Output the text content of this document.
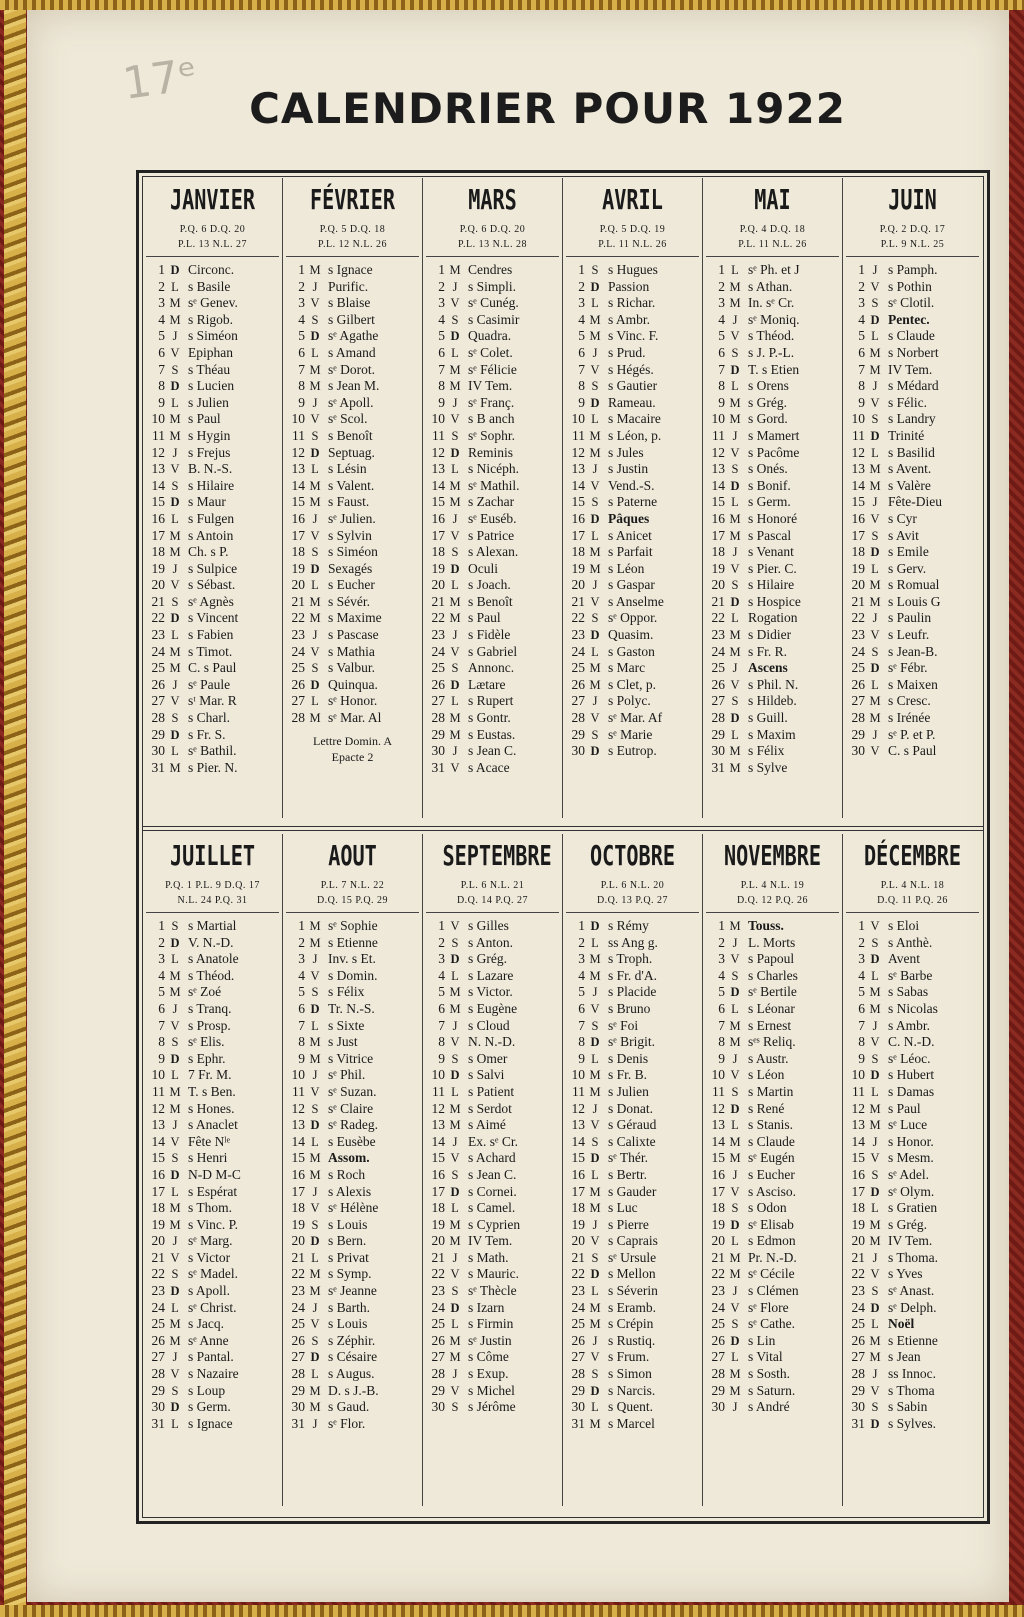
17ᵉ	CALENDRIER POUR 1922
JANVIER
P.Q. 6 D.Q. 20
P.L. 13 N.L. 27
1 D Circonc.
2 L s Basile
3 M sᵉ Genev.
4 M s Rigob.
5 J s Siméon
6 V Epiphan
7 S s Théau
8 D s Lucien
9 L s Julien
10 M s Paul
11 M s Hygin
12 J s Frejus
13 V B. N.-S.
14 S s Hilaire
15 D s Maur
16 L s Fulgen
17 M s Antoin
18 M Ch. s P.
19 J s Sulpice
20 V s Sébast.
21 S sᵉ Agnès
22 D s Vincent
23 L s Fabien
24 M s Timot.
25 M C. s Paul
26 J sᵉ Paule
27 V sᵗ Mar. R
28 S s Charl.
29 D s Fr. S.
30 L sᵉ Bathil.
31 M s Pier. N.
FÉVRIER
P.Q. 5 D.Q. 18
P.L. 12 N.L. 26
1 M s Ignace
2 J Purific.
3 V s Blaise
4 S s Gilbert
5 D sᵉ Agathe
6 L s Amand
7 M sᵉ Dorot.
8 M s Jean M.
9 J sᵉ Apoll.
10 V sᵉ Scol.
11 S s Benoît
12 D Septuag.
13 L s Lésin
14 M s Valent.
15 M s Faust.
16 J sᵉ Julien.
17 V s Sylvin
18 S s Siméon
19 D Sexagés
20 L s Eucher
21 M s Sévér.
22 M s Maxime
23 J s Pascase
24 V s Mathia
25 S s Valbur.
26 D Quinqua.
27 L sᵉ Honor.
28 M sᵉ Mar. Al
Lettre Domin. A
Epacte 2
MARS
P.Q. 6 D.Q. 20
P.L. 13 N.L. 28
1 M Cendres
2 J s Simpli.
3 V sᵉ Cunég.
4 S s Casimir
5 D Quadra.
6 L sᵉ Colet.
7 M sᵉ Félicie
8 M IV Tem.
9 J sᵉ Franç.
10 V s B anch
11 S sᵉ Sophr.
12 D Reminis
13 L s Nicéph.
14 M sᵉ Mathil.
15 M s Zachar
16 J sᵉ Euséb.
17 V s Patrice
18 S s Alexan.
19 D Oculi
20 L s Joach.
21 M s Benoît
22 M s Paul
23 J s Fidèle
24 V s Gabriel
25 S Annonc.
26 D Lætare
27 L s Rupert
28 M s Gontr.
29 M s Eustas.
30 J s Jean C.
31 V s Acace
AVRIL
P.Q. 5 D.Q. 19
P.L. 11 N.L. 26
1 S s Hugues
2 D Passion
3 L s Richar.
4 M s Ambr.
5 M s Vinc. F.
6 J s Prud.
7 V s Hégés.
8 S s Gautier
9 D Rameau.
10 L s Macaire
11 M s Léon, p.
12 M s Jules
13 J s Justin
14 V Vend.-S.
15 S s Paterne
16 D Pâques
17 L s Anicet
18 M s Parfait
19 M s Léon
20 J s Gaspar
21 V s Anselme
22 S sᵉ Oppor.
23 D Quasim.
24 L s Gaston
25 M s Marc
26 M s Clet, p.
27 J s Polyc.
28 V sᵉ Mar. Af
29 S sᵉ Marie
30 D s Eutrop.
MAI
P.Q. 4 D.Q. 18
P.L. 11 N.L. 26
1 L sᵉ Ph. et J
2 M s Athan.
3 M In. sᵉ Cr.
4 J sᵉ Moniq.
5 V s Théod.
6 S s J. P.-L.
7 D T. s Etien
8 L s Orens
9 M s Grég.
10 M s Gord.
11 J s Mamert
12 V s Pacôme
13 S s Onés.
14 D s Bonif.
15 L s Germ.
16 M s Honoré
17 M s Pascal
18 J s Venant
19 V s Pier. C.
20 S s Hilaire
21 D s Hospice
22 L Rogation
23 M s Didier
24 M s Fr. R.
25 J Ascens
26 V s Phil. N.
27 S s Hildeb.
28 D s Guill.
29 L s Maxim
30 M s Félix
31 M s Sylve
JUIN
P.Q. 2 D.Q. 17
P.L. 9 N.L. 25
1 J s Pamph.
2 V s Pothin
3 S sᵉ Clotil.
4 D Pentec.
5 L s Claude
6 M s Norbert
7 M IV Tem.
8 J s Médard
9 V s Félic.
10 S s Landry
11 D Trinité
12 L s Basilid
13 M s Avent.
14 M s Valère
15 J Fête-Dieu
16 V s Cyr
17 S s Avit
18 D s Emile
19 L s Gerv.
20 M s Romual
21 M s Louis G
22 J s Paulin
23 V s Leufr.
24 S s Jean-B.
25 D sᵉ Fébr.
26 L s Maixen
27 M s Cresc.
28 M s Irénée
29 J sᵉ P. et P.
30 V C. s Paul
JUILLET
P.Q. 1 P.L. 9 D.Q. 17
N.L. 24 P.Q. 31
1 S s Martial
2 D V. N.-D.
3 L s Anatole
4 M s Théod.
5 M sᵉ Zoé
6 J s Tranq.
7 V s Prosp.
8 S sᵉ Elis.
9 D s Ephr.
10 L 7 Fr. M.
11 M T. s Ben.
12 M s Hones.
13 J s Anaclet
14 V Fête Nˡᵉ
15 S s Henri
16 D N-D M-C
17 L s Espérat
18 M s Thom.
19 M s Vinc. P.
20 J sᵉ Marg.
21 V s Victor
22 S sᵉ Madel.
23 D s Apoll.
24 L sᵉ Christ.
25 M s Jacq.
26 M sᵉ Anne
27 J s Pantal.
28 V s Nazaire
29 S s Loup
30 D s Germ.
31 L s Ignace
AOUT
P.L. 7 N.L. 22
D.Q. 15 P.Q. 29
1 M sᵉ Sophie
2 M s Etienne
3 J Inv. s Et.
4 V s Domin.
5 S s Félix
6 D Tr. N.-S.
7 L s Sixte
8 M s Just
9 M s Vitrice
10 J sᵉ Phil.
11 V sᵉ Suzan.
12 S sᵉ Claire
13 D sᵉ Radeg.
14 L s Eusèbe
15 M Assom.
16 M s Roch
17 J s Alexis
18 V sᵉ Hélène
19 S s Louis
20 D s Bern.
21 L s Privat
22 M s Symp.
23 M sᵉ Jeanne
24 J s Barth.
25 V s Louis
26 S s Zéphir.
27 D s Césaire
28 L s Augus.
29 M D. s J.-B.
30 M s Gaud.
31 J sᵉ Flor.
SEPTEMBRE
P.L. 6 N.L. 21
D.Q. 14 P.Q. 27
1 V s Gilles
2 S s Anton.
3 D s Grég.
4 L s Lazare
5 M s Victor.
6 M s Eugène
7 J s Cloud
8 V N. N.-D.
9 S s Omer
10 D s Salvi
11 L s Patient
12 M s Serdot
13 M s Aimé
14 J Ex. sᵉ Cr.
15 V s Achard
16 S s Jean C.
17 D s Cornei.
18 L s Camel.
19 M s Cyprien
20 M IV Tem.
21 J s Math.
22 V s Mauric.
23 S sᵉ Thècle
24 D s Izarn
25 L s Firmin
26 M sᵉ Justin
27 M s Côme
28 J s Exup.
29 V s Michel
30 S s Jérôme
OCTOBRE
P.L. 6 N.L. 20
D.Q. 13 P.Q. 27
1 D s Rémy
2 L ss Ang g.
3 M s Troph.
4 M s Fr. d'A.
5 J s Placide
6 V s Bruno
7 S sᵉ Foi
8 D sᵉ Brigit.
9 L s Denis
10 M s Fr. B.
11 M s Julien
12 J s Donat.
13 V s Géraud
14 S s Calixte
15 D sᵉ Thér.
16 L s Bertr.
17 M s Gauder
18 M s Luc
19 J s Pierre
20 V s Caprais
21 S sᵉ Ursule
22 D s Mellon
23 L s Séverin
24 M s Eramb.
25 M s Crépin
26 J s Rustiq.
27 V s Frum.
28 S s Simon
29 D s Narcis.
30 L s Quent.
31 M s Marcel
NOVEMBRE
P.L. 4 N.L. 19
D.Q. 12 P.Q. 26
1 M Touss.
2 J L. Morts
3 V s Papoul
4 S s Charles
5 D sᵉ Bertile
6 L s Léonar
7 M s Ernest
8 M sᵉˢ Reliq.
9 J s Austr.
10 V s Léon
11 S s Martin
12 D s René
13 L s Stanis.
14 M s Claude
15 M sᵉ Eugén
16 J s Eucher
17 V s Asciso.
18 S s Odon
19 D sᵉ Elisab
20 L s Edmon
21 M Pr. N.-D.
22 M sᵉ Cécile
23 J s Clémen
24 V sᵉ Flore
25 S sᵉ Cathe.
26 D s Lin
27 L s Vital
28 M s Sosth.
29 M s Saturn.
30 J s André
DÉCEMBRE
P.L. 4 N.L. 18
D.Q. 11 P.Q. 26
1 V s Eloi
2 S s Anthè.
3 D Avent
4 L sᵉ Barbe
5 M s Sabas
6 M s Nicolas
7 J s Ambr.
8 V C. N.-D.
9 S sᵉ Léoc.
10 D s Hubert
11 L s Damas
12 M s Paul
13 M sᵉ Luce
14 J s Honor.
15 V s Mesm.
16 S sᵉ Adel.
17 D sᵉ Olym.
18 L s Gratien
19 M s Grég.
20 M IV Tem.
21 J s Thoma.
22 V s Yves
23 S sᵉ Anast.
24 D sᵉ Delph.
25 L Noël
26 M s Etienne
27 M s Jean
28 J ss Innoc.
29 V s Thoma
30 S s Sabin
31 D s Sylves.
